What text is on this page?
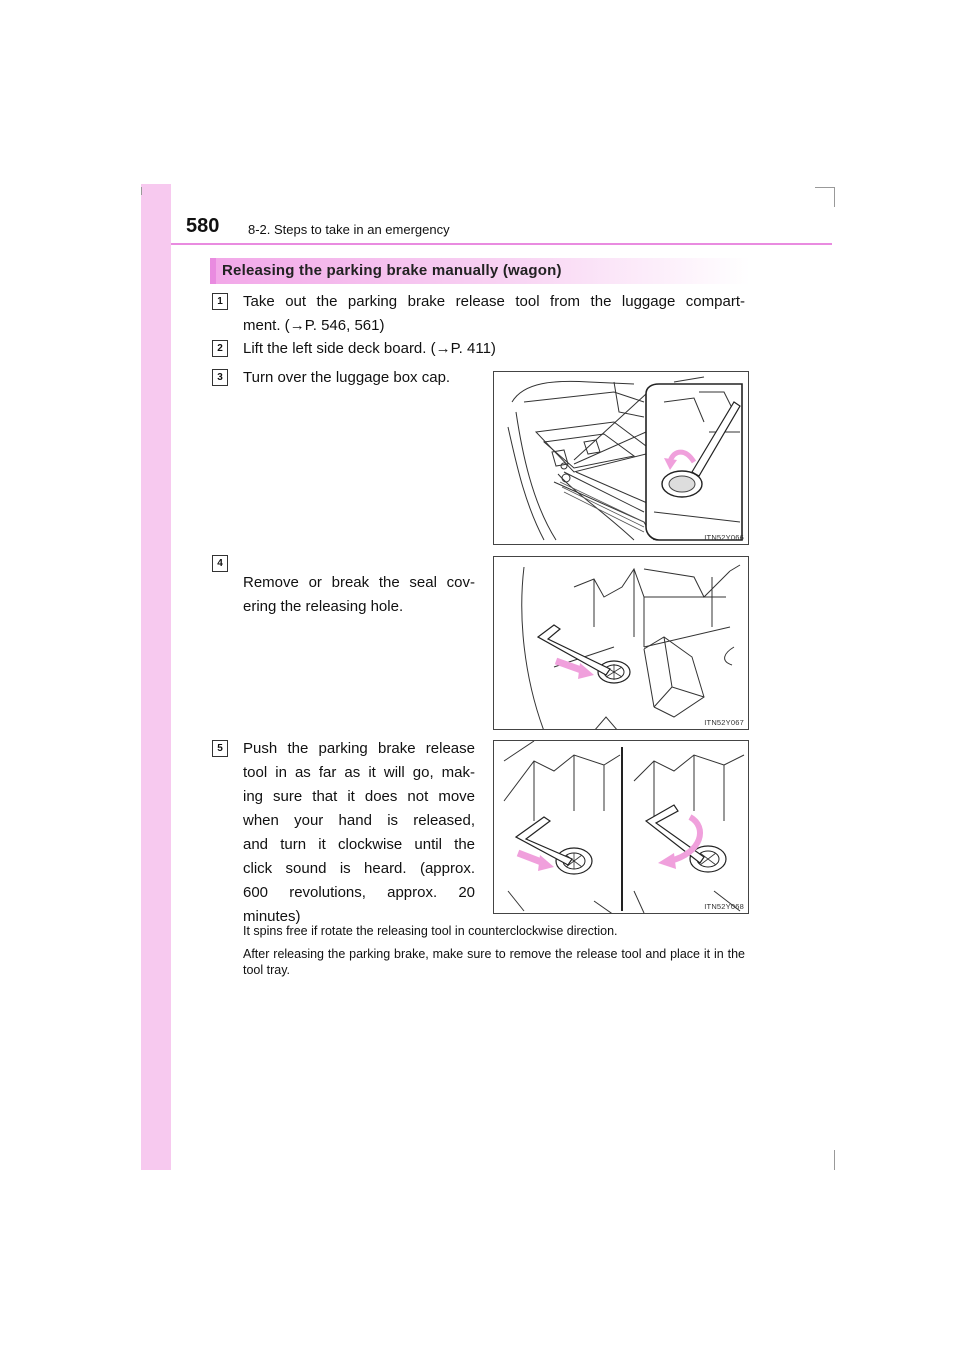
580 8-2. Steps to take in an emergency
Releasing the parking brake manually (wagon)
1	Take out the parking brake release tool from the luggage compart-
ment. (→P. 546, 561)
2	Lift the left side deck board. (→P. 411)
3	Turn over the luggage box cap.
ITN52Y066
4
Remove or break the seal cov-
ering the releasing hole.
ITN52Y067
5	Push the parking brake release
tool in as far as it will go, mak-
ing sure that it does not move
when your hand is released,
and turn it clockwise until the
click sound is heard. (approx.
600 revolutions, approx. 20
minutes)
ITN52Y068
It spins free if rotate the releasing tool in counterclockwise direction.
After releasing the parking brake, make sure to remove the release tool and place it in the tool tray.
